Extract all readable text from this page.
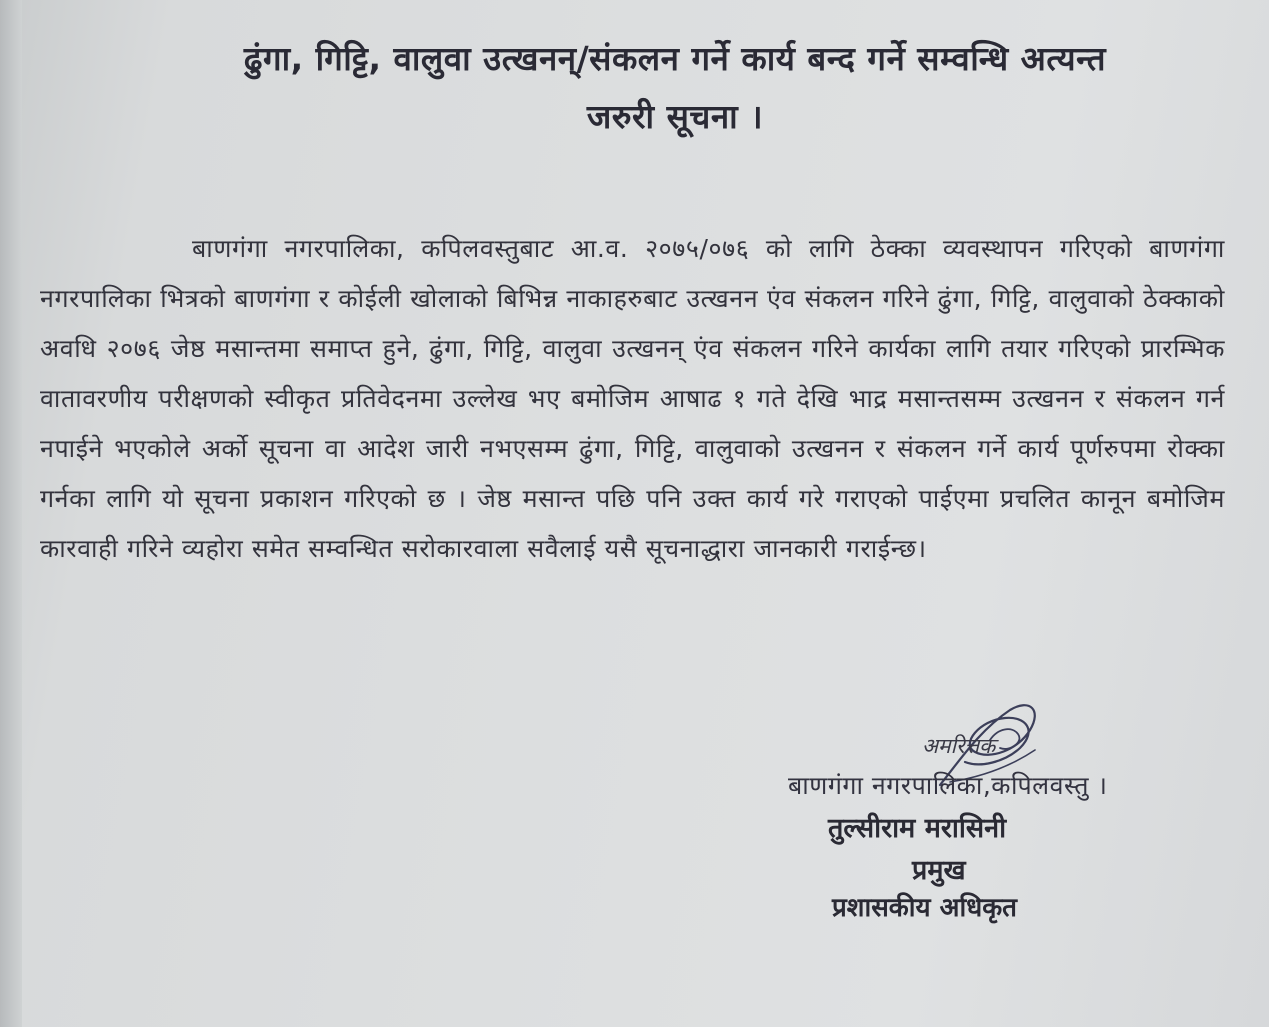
ढुंगा, गिट्टि, वालुवा उत्खनन्/संकलन गर्ने कार्य बन्द गर्ने सम्वन्धि अत्यन्त
जरुरी सूचना ।
बाणगंगा नगरपालिका, कपिलवस्तुबाट आ.व. २०७५/०७६ को लागि ठेक्का व्यवस्थापन गरिएको बाणगंगा नगरपालिका भित्रको बाणगंगा र कोईली खोलाको बिभिन्न नाकाहरुबाट उत्खनन एंव संकलन गरिने ढुंगा, गिट्टि, वालुवाको ठेक्काको अवधि २०७६ जेष्ठ मसान्तमा समाप्त हुने, ढुंगा, गिट्टि, वालुवा उत्खनन् एंव संकलन गरिने कार्यका लागि तयार गरिएको प्रारम्भिक वातावरणीय परीक्षणको स्वीकृत प्रतिवेदनमा उल्लेख भए बमोजिम आषाढ १ गते देखि भाद्र मसान्तसम्म उत्खनन र संकलन गर्न नपाईने भएकोले अर्को सूचना वा आदेश जारी नभएसम्म ढुंगा, गिट्टि, वालुवाको उत्खनन र संकलन गर्ने कार्य पूर्णरुपमा रोक्का गर्नका लागि यो सूचना प्रकाशन गरिएको छ । जेष्ठ मसान्त पछि पनि उक्त कार्य गरे गराएको पाईएमा प्रचलित कानून बमोजिम कारवाही गरिने व्यहोरा समेत सम्वन्धित सरोकारवाला सवैलाई यसै सूचनाद्धारा जानकारी गराईन्छ।
अमरित्तक
बाणगंगा नगरपालिका,कपिलवस्तु ।
तुल्सीराम मरासिनी
प्रमुख
प्रशासकीय अधिकृत
